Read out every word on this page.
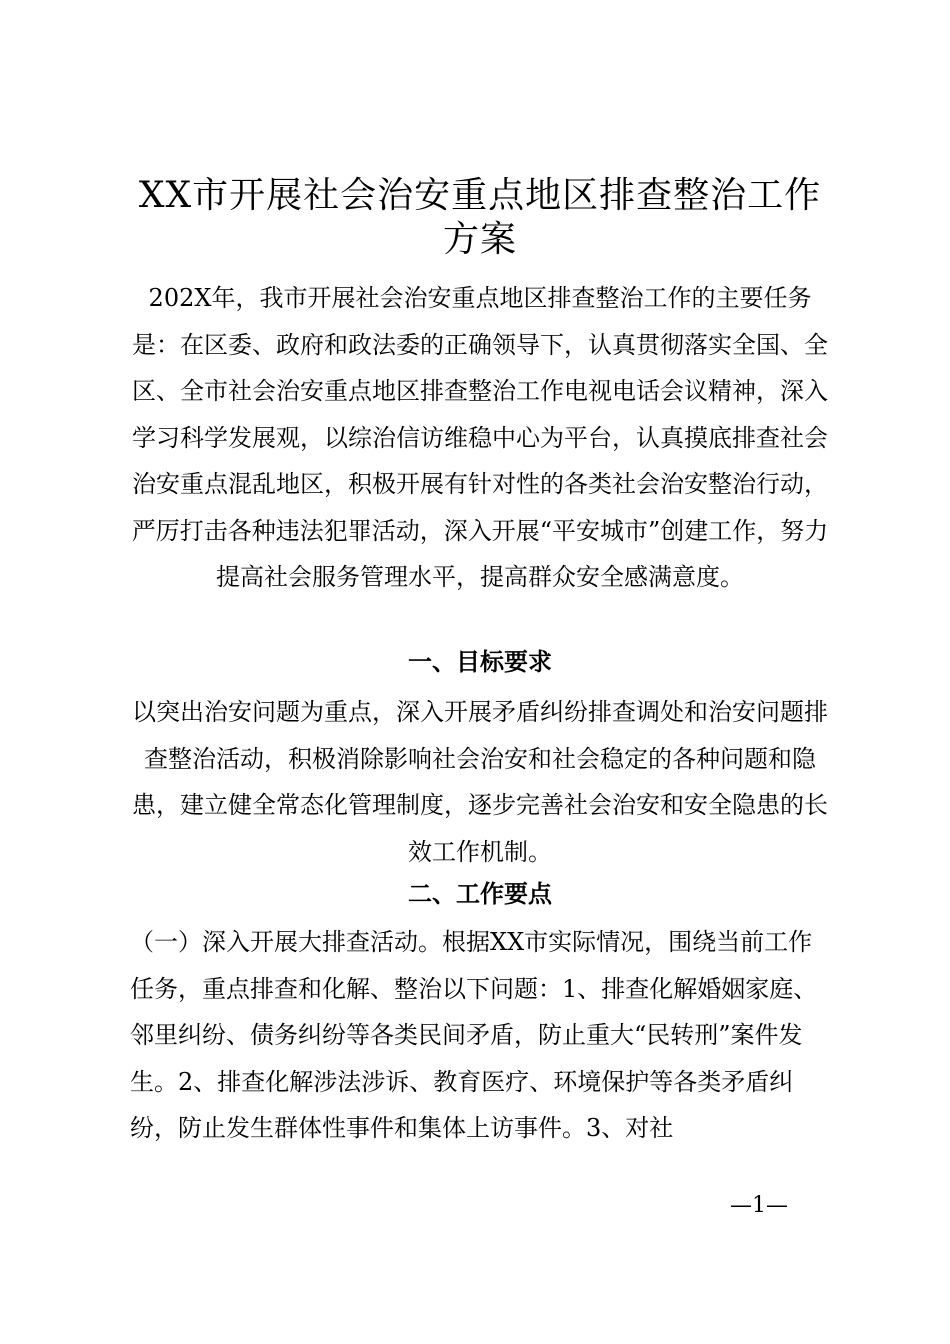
XX市开展社会治安重点地区排查整治工作方案

202X年，我市开展社会治安重点地区排查整治工作的主要任务是：在区委、政府和政法委的正确领导下，认真贯彻落实全国、全区、全市社会治安重点地区排查整治工作电视电话会议精神，深入学习科学发展观，以综治信访维稳中心为平台，认真摸底排查社会治安重点混乱地区，积极开展有针对性的各类社会治安整治行动，严厉打击各种违法犯罪活动，深入开展“平安城市”创建工作，努力提高社会服务管理水平，提高群众安全感满意度。

一、目标要求

以突出治安问题为重点，深入开展矛盾纠纷排查调处和治安问题排查整治活动，积极消除影响社会治安和社会稳定的各种问题和隐患，建立健全常态化管理制度，逐步完善社会治安和安全隐患的长效工作机制。

二、工作要点

（一）深入开展大排查活动。根据XX市实际情况，围绕当前工作任务，重点排查和化解、整治以下问题：1、排查化解婚姻家庭、邻里纠纷、债务纠纷等各类民间矛盾，防止重大“民转刑”案件发生。2、排查化解涉法涉诉、教育医疗、环境保护等各类矛盾纠纷，防止发生群体性事件和集体上访事件。3、对社

—1—
